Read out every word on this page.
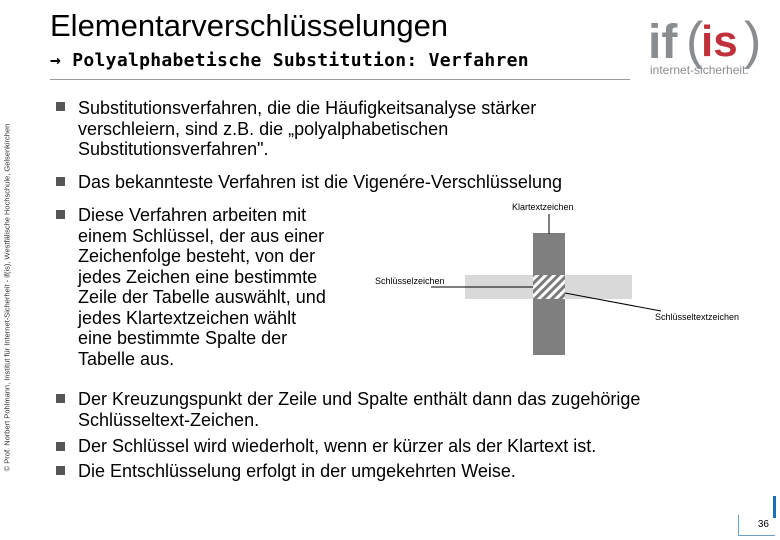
Elementarverschlüsselungen
→ Polyalphabetische Substitution: Verfahren if (
is )
internet-sicherheit.
© Prof. Norbert Pohlmann, Institut für Internet-Sicherheit - if(is), Westfälische Hochschule, Gelsenkirchen
Substitutionsverfahren, die die Häufigkeitsanalyse stärker
verschleiern, sind z.B. die „polyalphabetischen
Substitutionsverfahren".
Das bekannteste Verfahren ist die Vigenére-Verschlüsselung
Diese Verfahren arbeiten mit
einem Schlüssel, der aus einer
Zeichenfolge besteht, von der
jedes Zeichen eine bestimmte
Zeile der Tabelle auswählt, und
jedes Klartextzeichen wählt
eine bestimmte Spalte der
Tabelle aus.
Der Kreuzungspunkt der Zeile und Spalte enthält dann das zugehörige
Schlüsseltext-Zeichen.
Der Schlüssel wird wiederholt, wenn er kürzer als der Klartext ist.
Die Entschlüsselung erfolgt in der umgekehrten Weise.
Klartextzeichen
Schlüsselzeichen
Schlüsseltextzeichen
36
